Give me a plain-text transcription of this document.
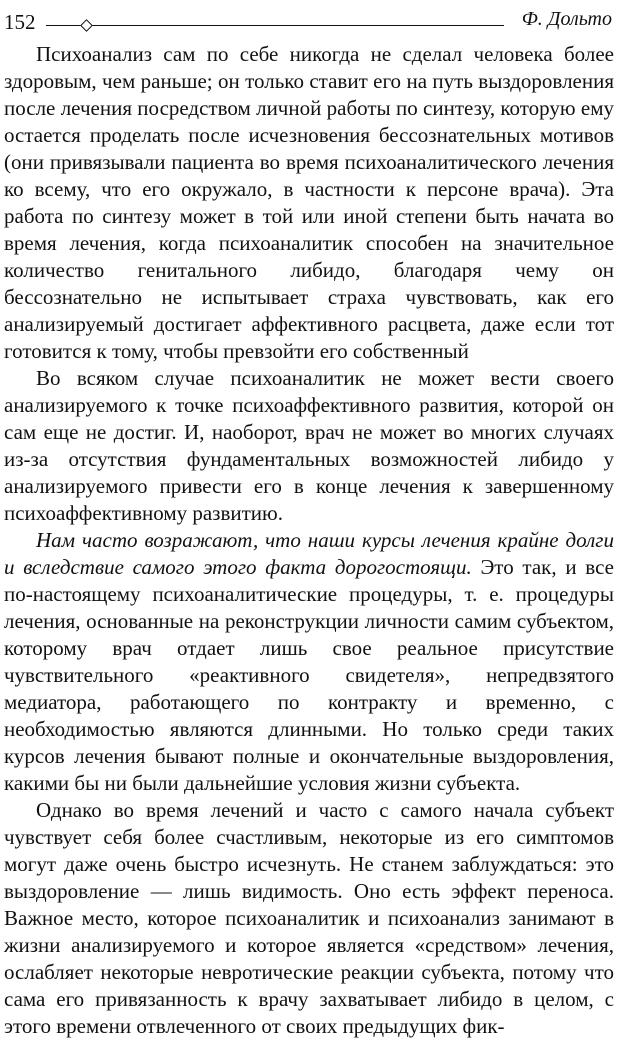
152	Ф. Дольто

Психоанализ сам по себе никогда не сделал человека более здоровым, чем раньше; он только ставит его на путь выздоровления после лечения посредством личной работы по синтезу, которую ему остается проделать после исчезновения бессознательных мотивов (они привязывали пациента во время психоаналитического лечения ко всему, что его окружало, в частности к персоне врача). Эта работа по синтезу может в той или иной степени быть начата во время лечения, когда психоаналитик способен на значительное количество генитального либидо, благодаря чему он бессознательно не испытывает страха чувствовать, как его анализируемый достигает аффективного расцвета, даже если тот готовится к тому, чтобы превзойти его собственный

Во всяком случае психоаналитик не может вести своего анализируемого к точке психоаффективного развития, которой он сам еще не достиг. И, наоборот, врач не может во многих случаях из-за отсутствия фундаментальных возможностей либидо у анализируемого привести его в конце лечения к завершенному психоаффективному развитию.

Нам часто возражают, что наши курсы лечения крайне долги и вследствие самого этого факта дорогостоящи. Это так, и все по-настоящему психоаналитические процедуры, т. е. процедуры лечения, основанные на реконструкции личности самим субъектом, которому врач отдает лишь свое реальное присутствие чувствительного «реактивного свидетеля», непредвзятого медиатора, работающего по контракту и временно, с необходимостью являются длинными. Но только среди таких курсов лечения бывают полные и окончательные выздоровления, какими бы ни были дальнейшие условия жизни субъекта.

Однако во время лечений и часто с самого начала субъект чувствует себя более счастливым, некоторые из его симптомов могут даже очень быстро исчезнуть. Не станем заблуждаться: это выздоровление — лишь видимость. Оно есть эффект переноса. Важное место, которое психоаналитик и психоанализ занимают в жизни анализируемого и которое является «средством» лечения, ослабляет некоторые невротические реакции субъекта, потому что сама его привязанность к врачу захватывает либидо в целом, с этого времени отвлеченного от своих предыдущих фик-
